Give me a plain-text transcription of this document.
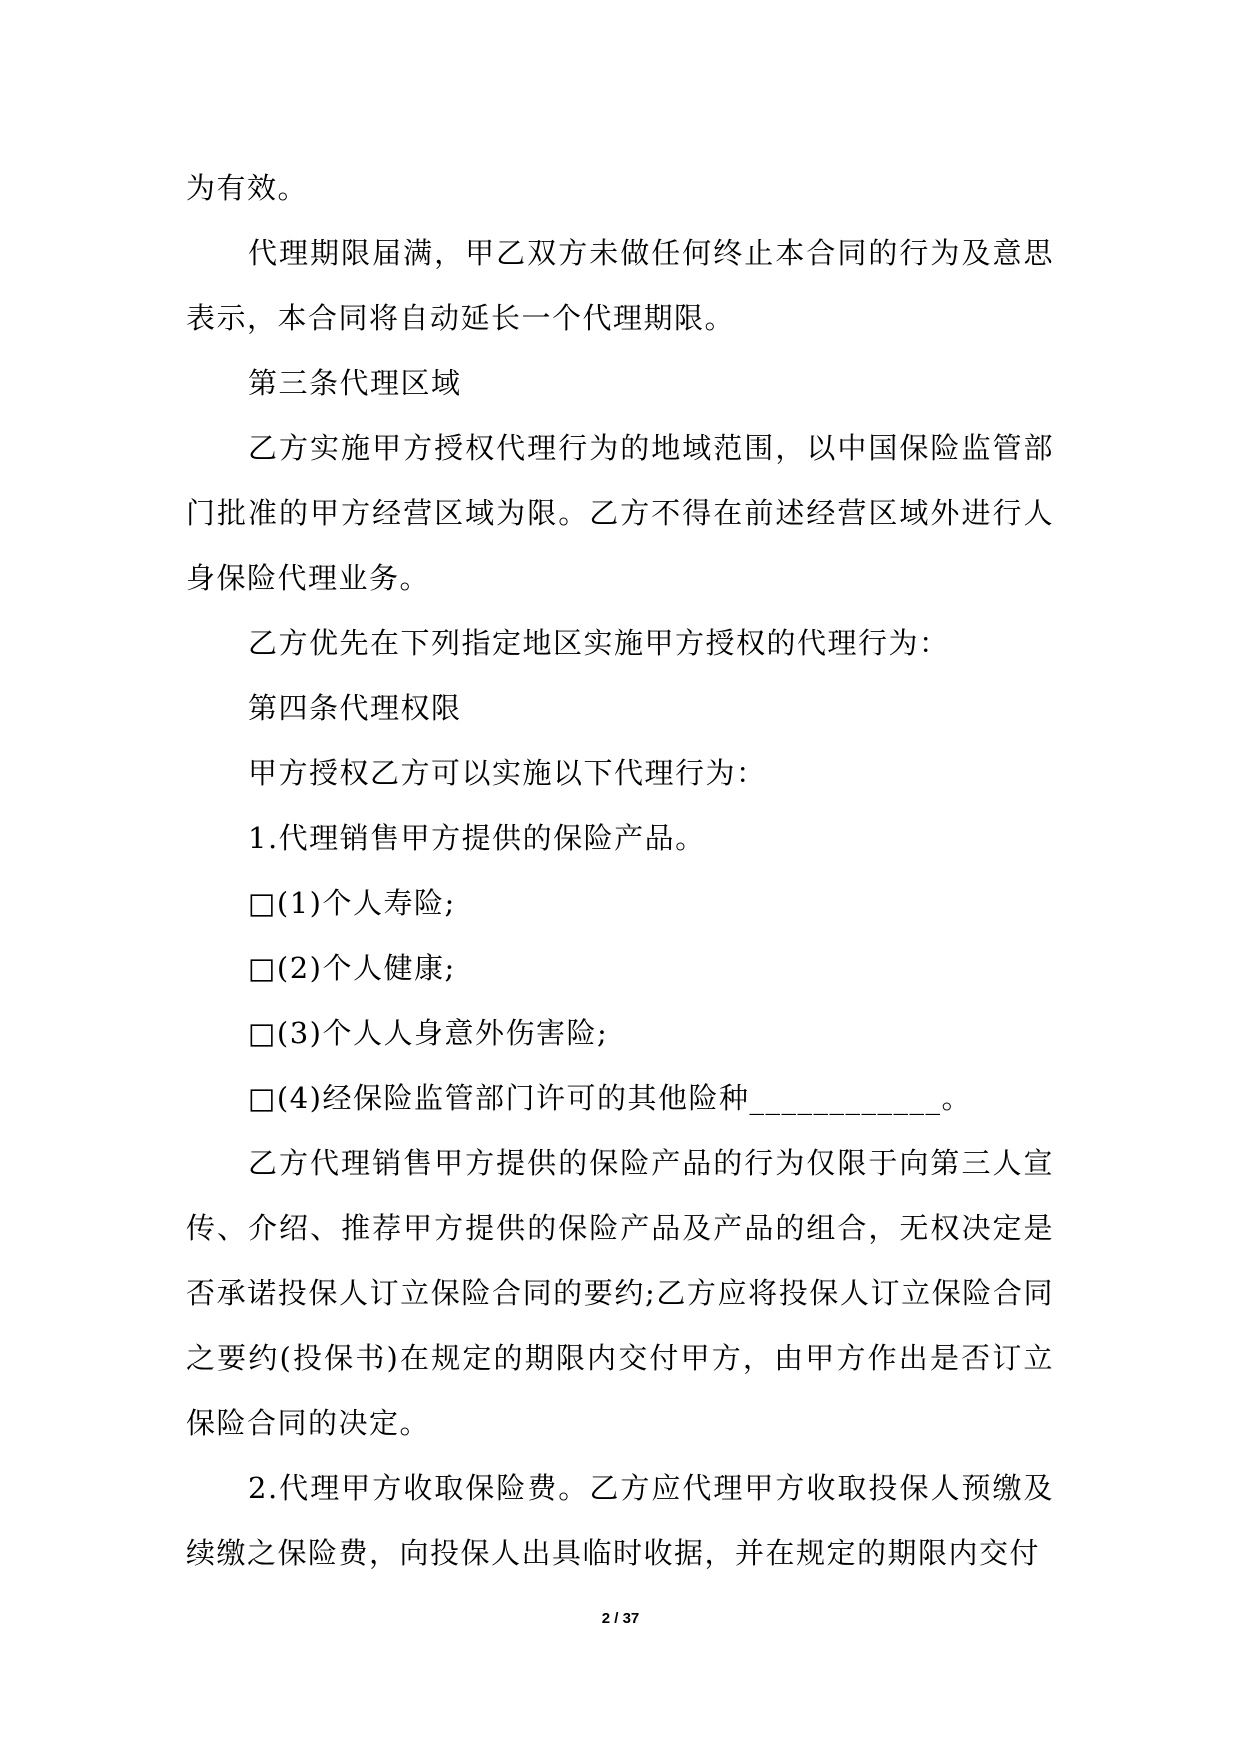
为有效。

代理期限届满，甲乙双方未做任何终止本合同的行为及意思表示，本合同将自动延长一个代理期限。

第三条代理区域

乙方实施甲方授权代理行为的地域范围，以中国保险监管部门批准的甲方经营区域为限。乙方不得在前述经营区域外进行人身保险代理业务。

乙方优先在下列指定地区实施甲方授权的代理行为：

第四条代理权限

甲方授权乙方可以实施以下代理行为：

1.代理销售甲方提供的保险产品。

□(1)个人寿险;

□(2)个人健康;

□(3)个人人身意外伤害险;

□(4)经保险监管部门许可的其他险种____________。

乙方代理销售甲方提供的保险产品的行为仅限于向第三人宣传、介绍、推荐甲方提供的保险产品及产品的组合，无权决定是否承诺投保人订立保险合同的要约;乙方应将投保人订立保险合同之要约(投保书)在规定的期限内交付甲方，由甲方作出是否订立保险合同的决定。

2.代理甲方收取保险费。乙方应代理甲方收取投保人预缴及续缴之保险费，向投保人出具临时收据，并在规定的期限内交付

2 / 37
